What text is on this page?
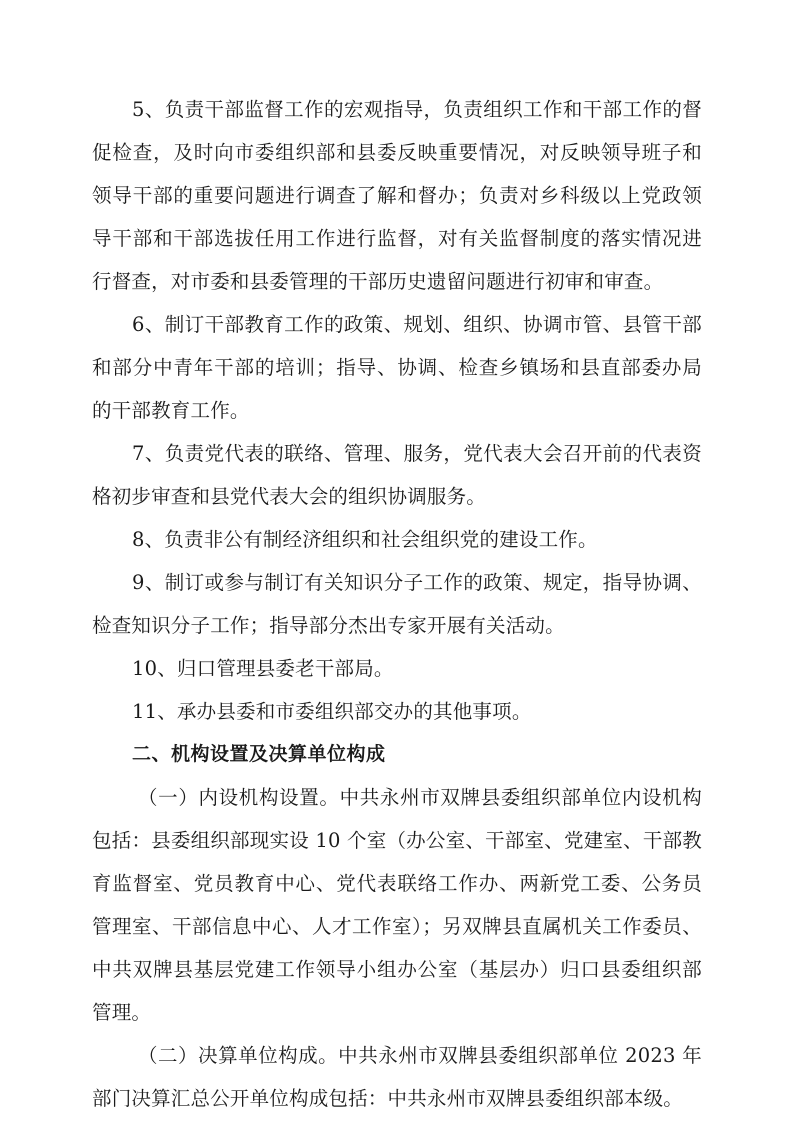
5、负责干部监督工作的宏观指导，负责组织工作和干部工作的督促检查，及时向市委组织部和县委反映重要情况，对反映领导班子和领导干部的重要问题进行调查了解和督办；负责对乡科级以上党政领导干部和干部选拔任用工作进行监督，对有关监督制度的落实情况进行督查，对市委和县委管理的干部历史遗留问题进行初审和审查。

6、制订干部教育工作的政策、规划、组织、协调市管、县管干部和部分中青年干部的培训；指导、协调、检查乡镇场和县直部委办局的干部教育工作。

7、负责党代表的联络、管理、服务，党代表大会召开前的代表资格初步审查和县党代表大会的组织协调服务。

8、负责非公有制经济组织和社会组织党的建设工作。

9、制订或参与制订有关知识分子工作的政策、规定，指导协调、检查知识分子工作；指导部分杰出专家开展有关活动。

10、归口管理县委老干部局。

11、承办县委和市委组织部交办的其他事项。

二、机构设置及决算单位构成

（一）内设机构设置。中共永州市双牌县委组织部单位内设机构包括：县委组织部现实设 10 个室（办公室、干部室、党建室、干部教育监督室、党员教育中心、党代表联络工作办、两新党工委、公务员管理室、干部信息中心、人才工作室）；另双牌县直属机关工作委员、中共双牌县基层党建工作领导小组办公室（基层办）归口县委组织部管理。

（二）决算单位构成。中共永州市双牌县委组织部单位 2023 年部门决算汇总公开单位构成包括：中共永州市双牌县委组织部本级。
